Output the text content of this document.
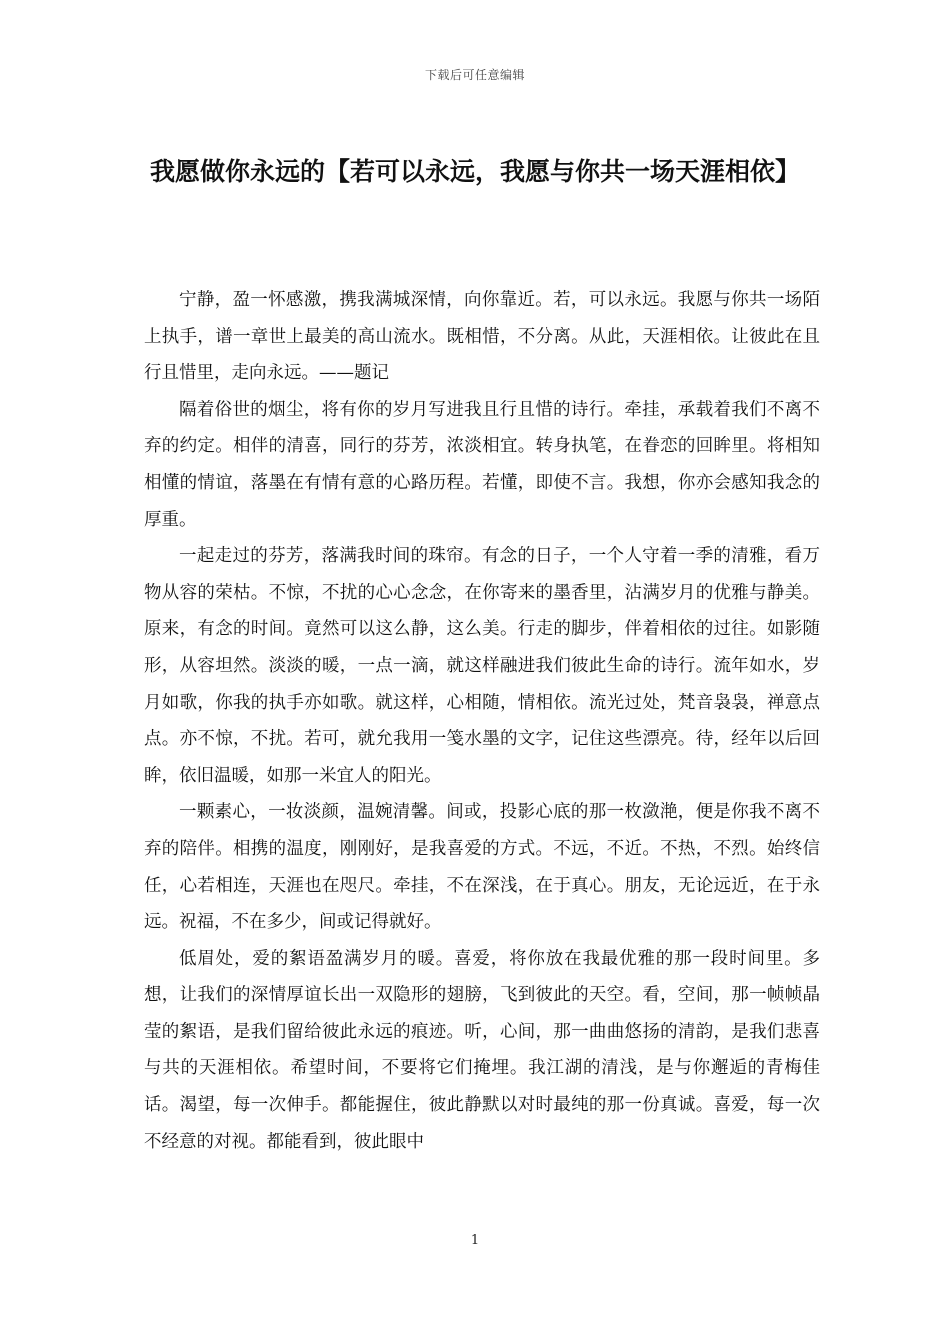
下载后可任意编辑
我愿做你永远的【若可以永远，我愿与你共一场天涯相依】

宁静，盈一怀感激，携我满城深情，向你靠近。若，可以永远。我愿与你共一场陌上执手，谱一章世上最美的高山流水。既相惜，不分离。从此，天涯相依。让彼此在且行且惜里，走向永远。——题记

隔着俗世的烟尘，将有你的岁月写进我且行且惜的诗行。牵挂，承载着我们不离不弃的约定。相伴的清喜，同行的芬芳，浓淡相宜。转身执笔，在眷恋的回眸里。将相知相懂的情谊，落墨在有情有意的心路历程。若懂，即使不言。我想，你亦会感知我念的厚重。

一起走过的芬芳，落满我时间的珠帘。有念的日子，一个人守着一季的清雅，看万物从容的荣枯。不惊，不扰的心心念念，在你寄来的墨香里，沾满岁月的优雅与静美。原来，有念的时间。竟然可以这么静，这么美。行走的脚步，伴着相依的过往。如影随形，从容坦然。淡淡的暖，一点一滴，就这样融进我们彼此生命的诗行。流年如水，岁月如歌，你我的执手亦如歌。就这样，心相随，情相依。流光过处，梵音袅袅，禅意点点。亦不惊，不扰。若可，就允我用一笺水墨的文字，记住这些漂亮。待，经年以后回眸，依旧温暖，如那一米宜人的阳光。

一颗素心，一妆淡颜，温婉清馨。间或，投影心底的那一枚潋滟，便是你我不离不弃的陪伴。相携的温度，刚刚好，是我喜爱的方式。不远，不近。不热，不烈。始终信任，心若相连，天涯也在咫尺。牵挂，不在深浅，在于真心。朋友，无论远近，在于永远。祝福，不在多少，间或记得就好。

低眉处，爱的絮语盈满岁月的暖。喜爱，将你放在我最优雅的那一段时间里。多想，让我们的深情厚谊长出一双隐形的翅膀，飞到彼此的天空。看，空间，那一帧帧晶莹的絮语，是我们留给彼此永远的痕迹。听，心间，那一曲曲悠扬的清韵，是我们悲喜与共的天涯相依。希望时间，不要将它们掩埋。我江湖的清浅，是与你邂逅的青梅佳话。渴望，每一次伸手。都能握住，彼此静默以对时最纯的那一份真诚。喜爱，每一次不经意的对视。都能看到，彼此眼中

1
